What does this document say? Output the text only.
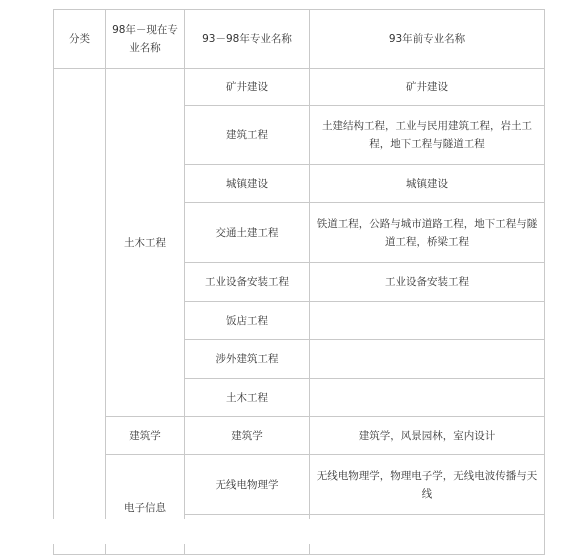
分类	98年－现在专业名称	93－98年专业名称	93年前专业名称
	土木工程	矿井建设	矿井建设
		建筑工程	土建结构工程，工业与民用建筑工程，岩土工程，地下工程与隧道工程
		城镇建设	城镇建设
		交通土建工程	铁道工程，公路与城市道路工程，地下工程与隧道工程，桥梁工程
		工业设备安装工程	工业设备安装工程
		饭店工程	
		涉外建筑工程	
		土木工程	
	建筑学	建筑学	建筑学，风景园林，室内设计
	电子信息	无线电物理学	无线电物理学，物理电子学，无线电波传播与天线
